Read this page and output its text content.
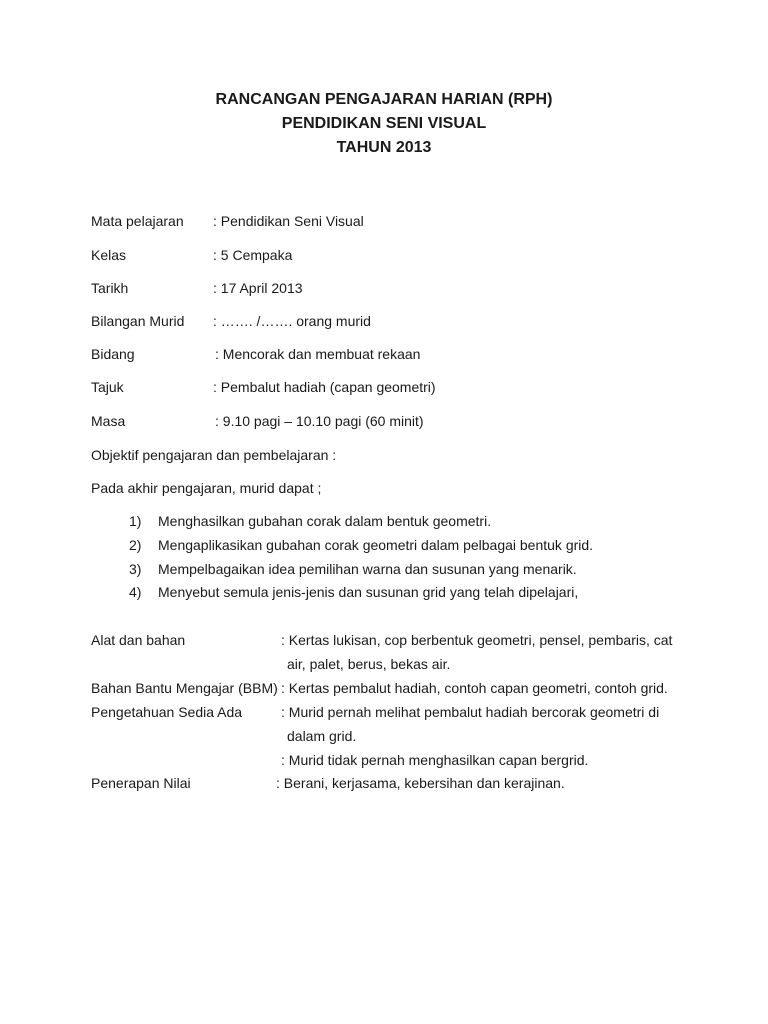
RANCANGAN PENGAJARAN HARIAN (RPH)
PENDIDIKAN SENI VISUAL
TAHUN 2013
Mata pelajaran : Pendidikan Seni Visual
Kelas	: 5 Cempaka
Tarikh	: 17 April 2013
Bilangan Murid : ……. /……. orang murid
Bidang	: Mencorak dan membuat rekaan
Tajuk	: Pembalut hadiah (capan geometri)
Masa	: 9.10 pagi – 10.10 pagi (60 minit)
Objektif pengajaran dan pembelajaran :
Pada akhir pengajaran, murid dapat ;
1) Menghasilkan gubahan corak dalam bentuk geometri.
2) Mengaplikasikan gubahan corak geometri dalam pelbagai bentuk grid.
3) Mempelbagaikan idea pemilihan warna dan susunan yang menarik.
4) Menyebut semula jenis-jenis dan susunan grid yang telah dipelajari,
Alat dan bahan	: Kertas lukisan, cop berbentuk geometri, pensel, pembaris, cat
air, palet, berus, bekas air.
Bahan Bantu Mengajar (BBM) : Kertas pembalut hadiah, contoh capan geometri, contoh grid.
Pengetahuan Sedia Ada	: Murid pernah melihat pembalut hadiah bercorak geometri di
dalam grid.
: Murid tidak pernah menghasilkan capan bergrid.
Penerapan Nilai	: Berani, kerjasama, kebersihan dan kerajinan.
